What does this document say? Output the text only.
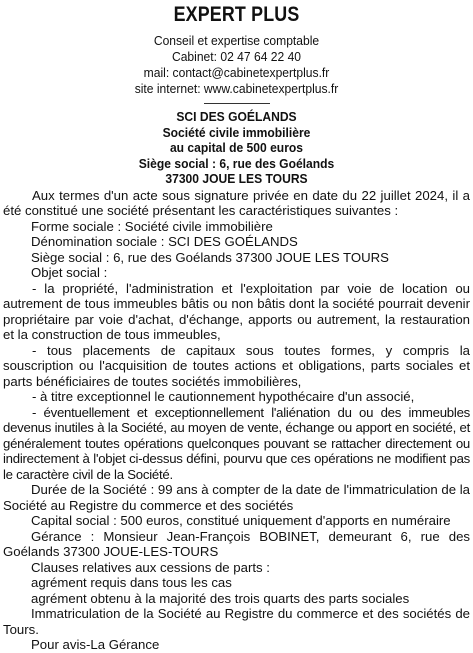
EXPERT PLUS
Conseil et expertise comptable
Cabinet: 02 47 64 22 40
mail: contact@cabinetexpertplus.fr
site internet: www.cabinetexpertplus.fr
SCI DES GOÉLANDS
Société civile immobilière
au capital de 500 euros
Siège social : 6, rue des Goélands
37300 JOUE LES TOURS

Aux termes d'un acte sous signature privée en date du 22 juillet 2024, il a été constitué une société présentant les caractéristiques suivantes :

Forme sociale : Société civile immobilière

Dénomination sociale : SCI DES GOÉLANDS

Siège social : 6, rue des Goélands 37300 JOUE LES TOURS

Objet social :

- la propriété, l'administration et l'exploitation par voie de location ou autrement de tous immeubles bâtis ou non bâtis dont la société pourrait devenir propriétaire par voie d'achat, d'échange, apports ou autrement, la restauration et la construction de tous immeubles,

- tous placements de capitaux sous toutes formes, y compris la souscription ou l'acquisition de toutes actions et obligations, parts sociales et parts bénéficiaires de toutes sociétés immobilières,

- à titre exceptionnel le cautionnement hypothécaire d'un associé,

- éventuellement et exceptionnellement l'aliénation du ou des immeubles devenus inutiles à la Société, au moyen de vente, échange ou apport en société, et généralement toutes opérations quelconques pouvant se rattacher directement ou indirectement à l'objet ci-dessus défini, pourvu que ces opérations ne modifient pas le caractère civil de la Société.

Durée de la Société : 99 ans à compter de la date de l'immatriculation de la Société au Registre du commerce et des sociétés

Capital social : 500 euros, constitué uniquement d'apports en numéraire

Gérance : Monsieur Jean-François BOBINET, demeurant 6, rue des Goélands 37300 JOUE-LES-TOURS

Clauses relatives aux cessions de parts :

agrément requis dans tous les cas

agrément obtenu à la majorité des trois quarts des parts sociales

Immatriculation de la Société au Registre du commerce et des sociétés de Tours.

Pour avis-La Gérance
